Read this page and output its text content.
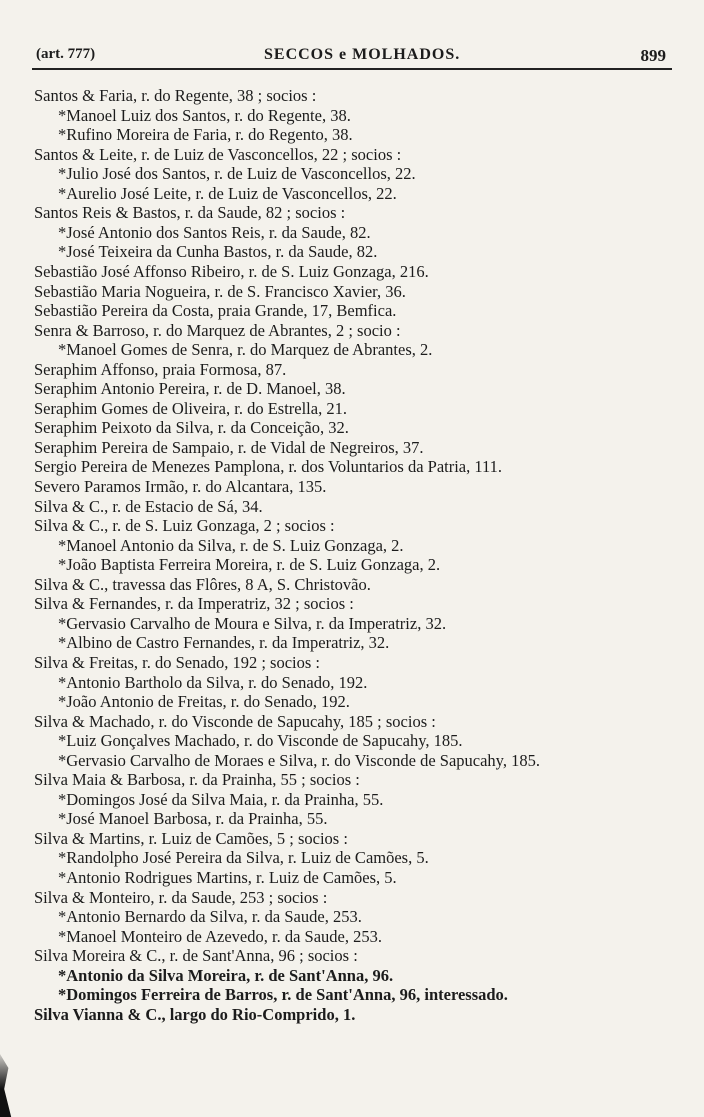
(art. 777)	SECCOS e MOLHADOS.	899
Santos & Faria, r. do Regente, 38 ; socios :
*Manoel Luiz dos Santos, r. do Regente, 38.
*Rufino Moreira de Faria, r. do Regento, 38.
Santos & Leite, r. de Luiz de Vasconcellos, 22 ; socios :
*Julio José dos Santos, r. de Luiz de Vasconcellos, 22.
*Aurelio José Leite, r. de Luiz de Vasconcellos, 22.
Santos Reis & Bastos, r. da Saude, 82 ; socios :
*José Antonio dos Santos Reis, r. da Saude, 82.
*José Teixeira da Cunha Bastos, r. da Saude, 82.
Sebastião José Affonso Ribeiro, r. de S. Luiz Gonzaga, 216.
Sebastião Maria Nogueira, r. de S. Francisco Xavier, 36.
Sebastião Pereira da Costa, praia Grande, 17, Bemfica.
Senra & Barroso, r. do Marquez de Abrantes, 2 ; socio :
*Manoel Gomes de Senra, r. do Marquez de Abrantes, 2.
Seraphim Affonso, praia Formosa, 87.
Seraphim Antonio Pereira, r. de D. Manoel, 38.
Seraphim Gomes de Oliveira, r. do Estrella, 21.
Seraphim Peixoto da Silva, r. da Conceição, 32.
Seraphim Pereira de Sampaio, r. de Vidal de Negreiros, 37.
Sergio Pereira de Menezes Pamplona, r. dos Voluntarios da Patria, 111.
Severo Paramos Irmão, r. do Alcantara, 135.
Silva & C., r. de Estacio de Sá, 34.
Silva & C., r. de S. Luiz Gonzaga, 2 ; socios :
*Manoel Antonio da Silva, r. de S. Luiz Gonzaga, 2.
*João Baptista Ferreira Moreira, r. de S. Luiz Gonzaga, 2.
Silva & C., travessa das Flôres, 8 A, S. Christovão.
Silva & Fernandes, r. da Imperatriz, 32 ; socios :
*Gervasio Carvalho de Moura e Silva, r. da Imperatriz, 32.
*Albino de Castro Fernandes, r. da Imperatriz, 32.
Silva & Freitas, r. do Senado, 192 ; socios :
*Antonio Bartholo da Silva, r. do Senado, 192.
*João Antonio de Freitas, r. do Senado, 192.
Silva & Machado, r. do Visconde de Sapucahy, 185 ; socios :
*Luiz Gonçalves Machado, r. do Visconde de Sapucahy, 185.
*Gervasio Carvalho de Moraes e Silva, r. do Visconde de Sapucahy, 185.
Silva Maia & Barbosa, r. da Prainha, 55 ; socios :
*Domingos José da Silva Maia, r. da Prainha, 55.
*José Manoel Barbosa, r. da Prainha, 55.
Silva & Martins, r. Luiz de Camões, 5 ; socios :
*Randolpho José Pereira da Silva, r. Luiz de Camões, 5.
*Antonio Rodrigues Martins, r. Luiz de Camões, 5.
Silva & Monteiro, r. da Saude, 253 ; socios :
*Antonio Bernardo da Silva, r. da Saude, 253.
*Manoel Monteiro de Azevedo, r. da Saude, 253.
Silva Moreira & C., r. de Sant'Anna, 96 ; socios :
*Antonio da Silva Moreira, r. de Sant'Anna, 96.
*Domingos Ferreira de Barros, r. de Sant'Anna, 96, interessado.
Silva Vianna & C., largo do Rio-Comprido, 1.
